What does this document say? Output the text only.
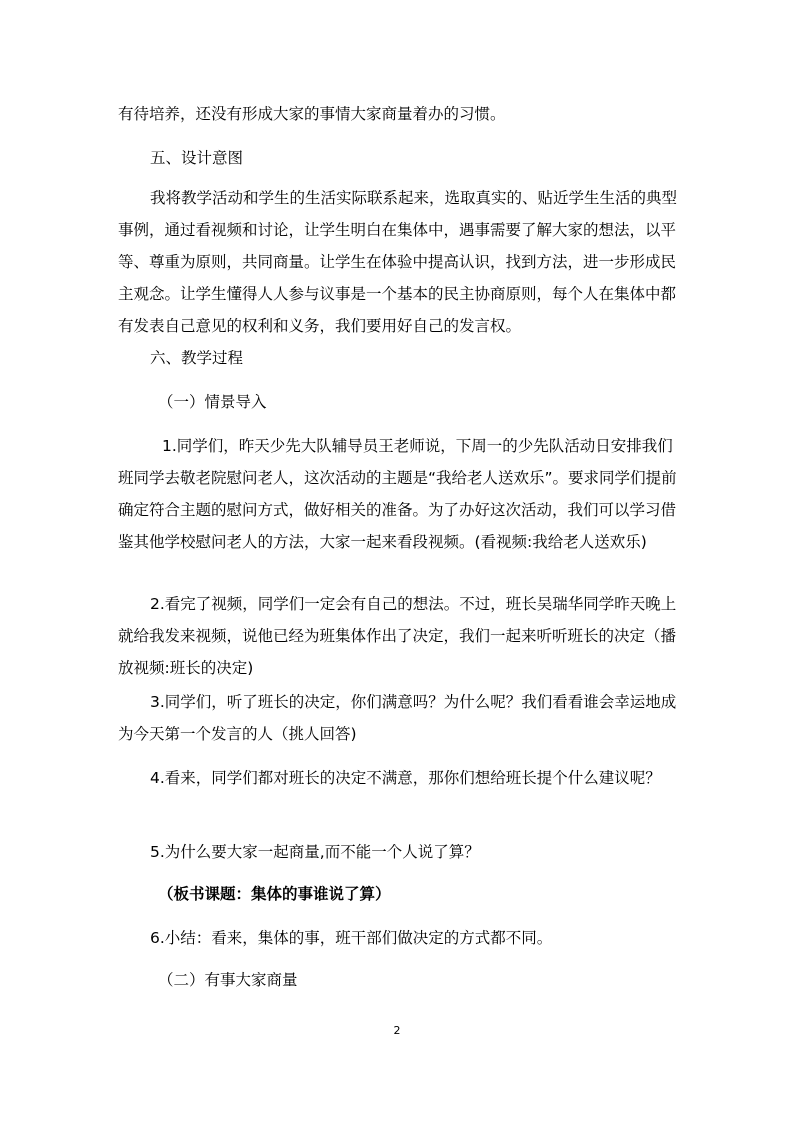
有待培养，还没有形成大家的事情大家商量着办的习惯。

五、设计意图

我将教学活动和学生的生活实际联系起来，选取真实的、贴近学生生活的典型事例，通过看视频和讨论，让学生明白在集体中，遇事需要了解大家的想法，以平等、尊重为原则，共同商量。让学生在体验中提高认识，找到方法，进一步形成民主观念。让学生懂得人人参与议事是一个基本的民主协商原则，每个人在集体中都有发表自己意见的权利和义务，我们要用好自己的发言权。

六、教学过程

（一）情景导入

1.同学们，昨天少先大队辅导员王老师说，下周一的少先队活动日安排我们班同学去敬老院慰问老人，这次活动的主题是“我给老人送欢乐”。要求同学们提前确定符合主题的慰问方式，做好相关的准备。为了办好这次活动，我们可以学习借鉴其他学校慰问老人的方法，大家一起来看段视频。(看视频:我给老人送欢乐)

2.看完了视频，同学们一定会有自己的想法。不过，班长吴瑞华同学昨天晚上就给我发来视频，说他已经为班集体作出了决定，我们一起来听听班长的决定（播放视频:班长的决定)

3.同学们，听了班长的决定，你们满意吗？为什么呢？我们看看谁会幸运地成为今天第一个发言的人（挑人回答)

4.看来，同学们都对班长的决定不满意，那你们想给班长提个什么建议呢？

5.为什么要大家一起商量,而不能一个人说了算？

（板书课题：集体的事谁说了算）

6.小结：看来，集体的事，班干部们做决定的方式都不同。

（二）有事大家商量

2
